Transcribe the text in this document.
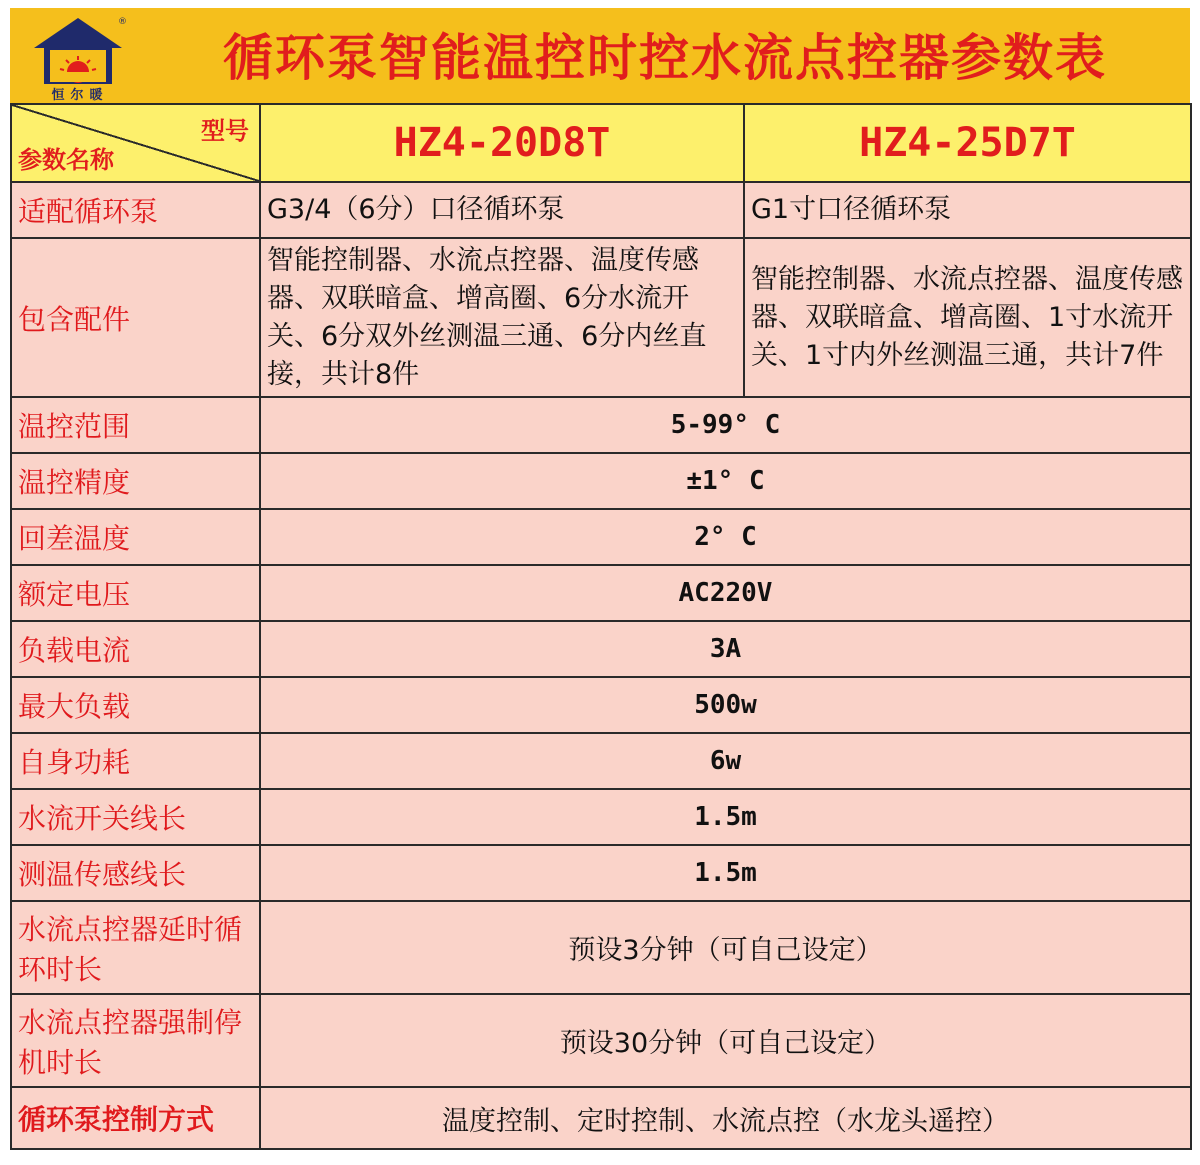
®
恒尔暖
循环泵智能温控时控水流点控器参数表
型号
参数名称	HZ4-20D8T	HZ4-25D7T
适配循环泵	G3/4（6分）口径循环泵	G1寸口径循环泵
包含配件	智能控制器、水流点控器、温度传感器、双联暗盒、增高圈、6分水流开关、6分双外丝测温三通、6分内丝直接，共计8件	智能控制器、水流点控器、温度传感器、双联暗盒、增高圈、1寸水流开关、1寸内外丝测温三通，共计7件
温控范围	5-99° C	
温控精度	±1° C	
回差温度	2° C	
额定电压	AC220V	
负载电流	3A	
最大负载	500w	
自身功耗	6w	
水流开关线长	1.5m	
测温传感线长	1.5m	
水流点控器延时循环时长	预设3分钟（可自己设定）	
水流点控器强制停机时长	预设30分钟（可自己设定）	
循环泵控制方式	温度控制、定时控制、水流点控（水龙头遥控）	
